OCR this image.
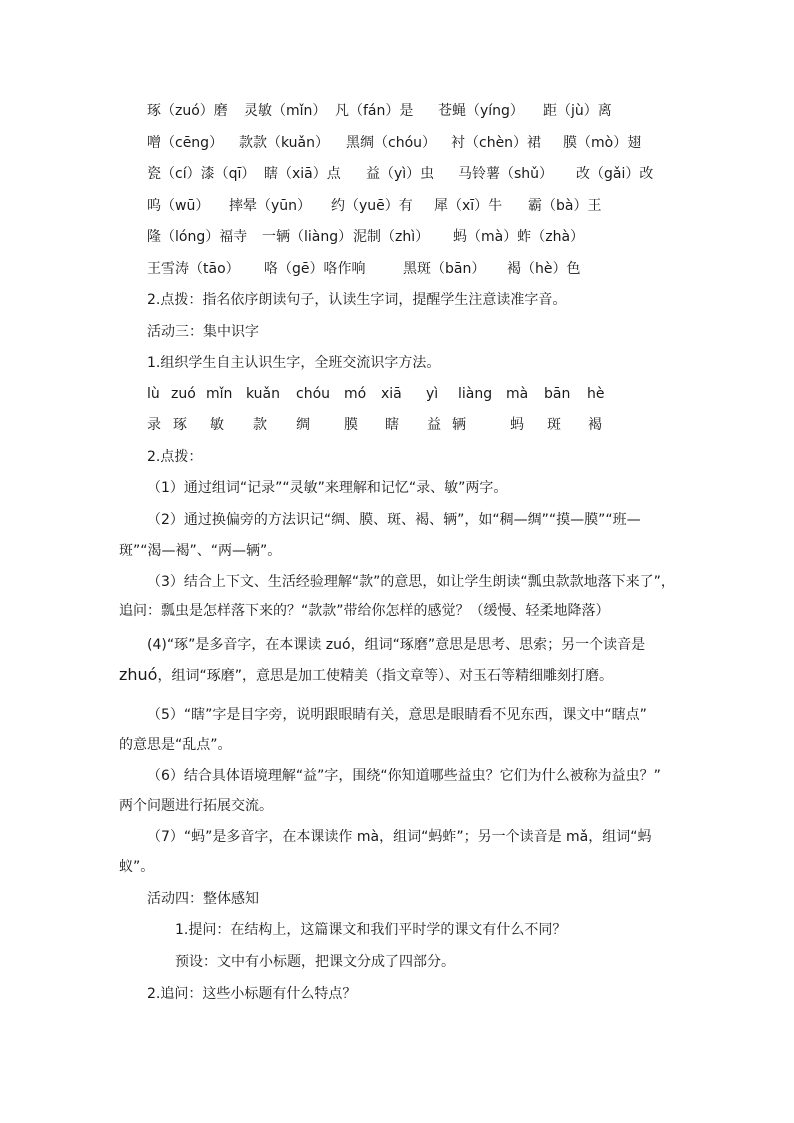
琢（zuó）磨 灵敏（mǐn） 凡（fán）是 苍蝇（yíng） 距（jù）离
噌（cēng） 款款（kuǎn） 黑绸（chóu） 衬（chèn）裙 膜（mò）翅
瓷（cí）漆（qī） 瞎（xiā）点 益（yì）虫 马铃薯（shǔ） 改（gǎi）改
呜（wū） 摔晕（yūn） 约（yuē）有 犀（xī）牛 霸（bà）王
隆（lóng）福寺 一辆（liàng） 泥制（zhì） 蚂（mà）蚱（zhà）
王雪涛（tāo） 咯（gē）咯作响	黑斑（bān） 褐（hè）色
2.点拨：指名依序朗读句子，认读生字词，提醒学生注意读准字音。
活动三：集中识字
1.组织学生自主认识生字，全班交流识字方法。
lù zuó mǐn kuǎn chóu mó xiā yì liàng mà bān hè
录 琢 敏 款 绸 膜 瞎 益 辆	蚂 斑 褐
2.点拨：
（1）通过组词“记录”“灵敏”来理解和记忆“录、敏”两字。
（2）通过换偏旁的方法识记“绸、膜、斑、褐、辆”，如“稠—绸”“摸—膜”“班—
斑”“渴—褐”、“两—辆”。
（3）结合上下文、生活经验理解“款”的意思，如让学生朗读“瓢虫款款地落下来了”，
追问：瓢虫是怎样落下来的？“款款”带给你怎样的感觉？（缓慢、轻柔地降落）
(4)“琢”是多音字，在本课读 zuó，组词“琢磨”意思是思考、思索；另一个读音是
zhuó，组词“琢磨”，意思是加工使精美（指文章等）、对玉石等精细雕刻打磨。
（5）“瞎”字是目字旁，说明跟眼睛有关，意思是眼睛看不见东西，课文中“瞎点”
的意思是“乱点”。
（6）结合具体语境理解“益”字，围绕“你知道哪些益虫？它们为什么被称为益虫？”
两个问题进行拓展交流。
（7）“蚂”是多音字，在本课读作 mà，组词“蚂蚱”；另一个读音是 mǎ，组词“蚂
蚁”。
活动四：整体感知
1.提问：在结构上，这篇课文和我们平时学的课文有什么不同？
预设：文中有小标题，把课文分成了四部分。
2.追问：这些小标题有什么特点？
